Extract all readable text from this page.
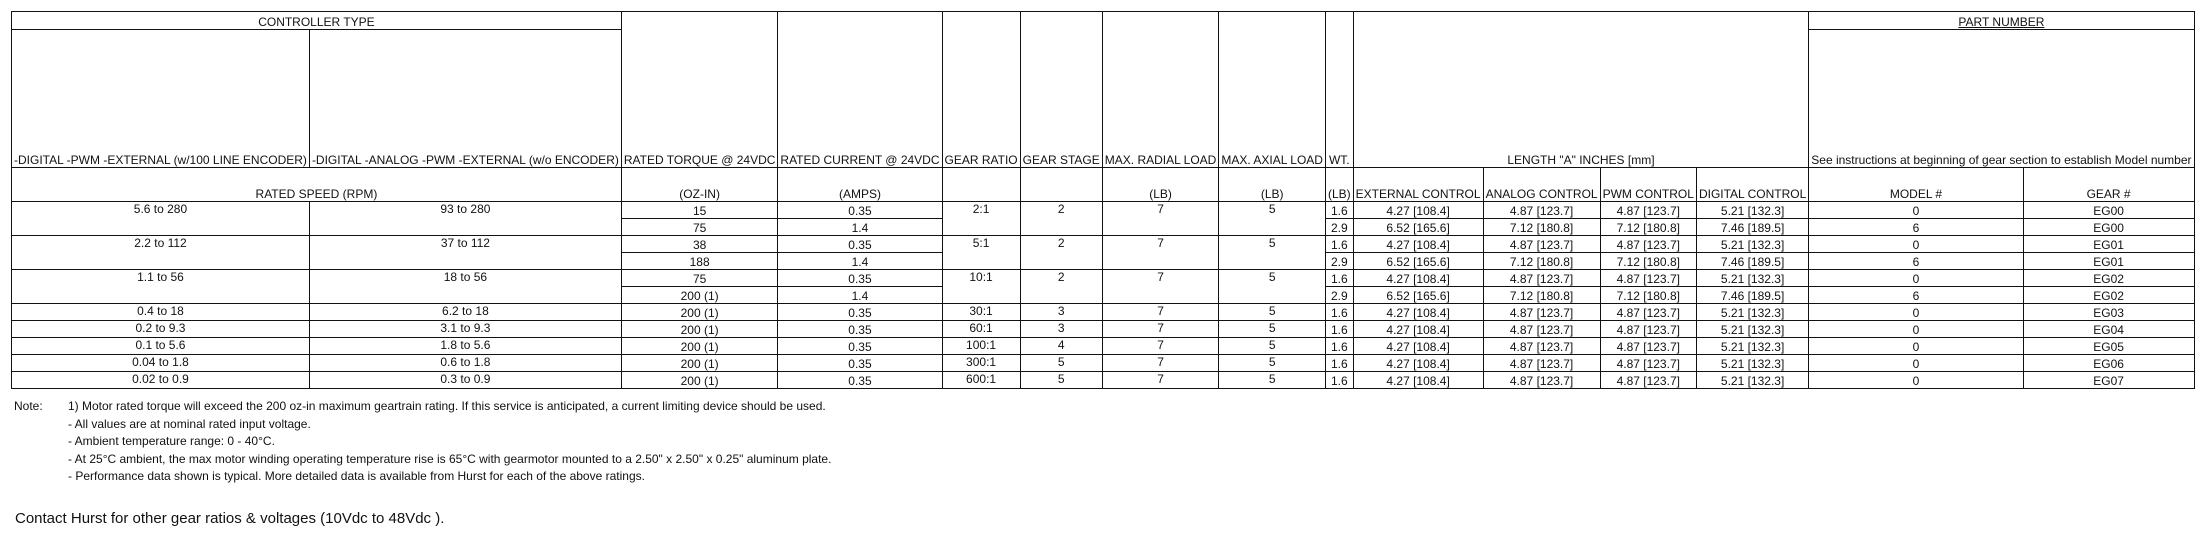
CONTROLLER TYPE		RATED TORQUE @ 24VDC	RATED CURRENT @ 24VDC	GEAR RATIO	GEAR STAGE	MAX. RADIAL LOAD	MAX. AXIAL LOAD	WT.	LENGTH "A" INCHES [mm]				PART NUMBER	
-DIGITAL -PWM -EXTERNAL (w/100 LINE ENCODER)	-DIGITAL -ANALOG -PWM -EXTERNAL (w/o ENCODER)												See instructions at beginning of gear section to establish Model number	
RATED SPEED (RPM)		(OZ-IN)	(AMPS)			(LB)	(LB)	(LB)	EXTERNAL CONTROL	ANALOG CONTROL	PWM CONTROL	DIGITAL CONTROL	MODEL #	GEAR #
5.6 to 280	93 to 280	15	0.35	2:1	2	7	5	1.6	4.27 [108.4]	4.87 [123.7]	4.87 [123.7]	5.21 [132.3]	0	EG00
		75	1.4					2.9	6.52 [165.6]	7.12 [180.8]	7.12 [180.8]	7.46 [189.5]	6	EG00
2.2 to 112	37 to 112	38	0.35	5:1	2	7	5	1.6	4.27 [108.4]	4.87 [123.7]	4.87 [123.7]	5.21 [132.3]	0	EG01
		188	1.4					2.9	6.52 [165.6]	7.12 [180.8]	7.12 [180.8]	7.46 [189.5]	6	EG01
1.1 to 56	18 to 56	75	0.35	10:1	2	7	5	1.6	4.27 [108.4]	4.87 [123.7]	4.87 [123.7]	5.21 [132.3]	0	EG02
		200 (1)	1.4					2.9	6.52 [165.6]	7.12 [180.8]	7.12 [180.8]	7.46 [189.5]	6	EG02
0.4 to 18	6.2 to 18	200 (1)	0.35	30:1	3	7	5	1.6	4.27 [108.4]	4.87 [123.7]	4.87 [123.7]	5.21 [132.3]	0	EG03
0.2 to 9.3	3.1 to 9.3	200 (1)	0.35	60:1	3	7	5	1.6	4.27 [108.4]	4.87 [123.7]	4.87 [123.7]	5.21 [132.3]	0	EG04
0.1 to 5.6	1.8 to 5.6	200 (1)	0.35	100:1	4	7	5	1.6	4.27 [108.4]	4.87 [123.7]	4.87 [123.7]	5.21 [132.3]	0	EG05
0.04 to 1.8	0.6 to 1.8	200 (1)	0.35	300:1	5	7	5	1.6	4.27 [108.4]	4.87 [123.7]	4.87 [123.7]	5.21 [132.3]	0	EG06
0.02 to 0.9	0.3 to 0.9	200 (1)	0.35	600:1	5	7	5	1.6	4.27 [108.4]	4.87 [123.7]	4.87 [123.7]	5.21 [132.3]	0	EG07
Note:	1) Motor rated torque will exceed the 200 oz-in maximum geartrain rating. If this service is anticipated, a current limiting device should be used.
- All values are at nominal rated input voltage.
- Ambient temperature range: 0 - 40°C.
- At 25°C ambient, the max motor winding operating temperature rise is 65°C with gearmotor mounted to a 2.50" x 2.50" x 0.25" aluminum plate.
- Performance data shown is typical. More detailed data is available from Hurst for each of the above ratings.
Contact Hurst for other gear ratios & voltages (10Vdc to 48Vdc ).
